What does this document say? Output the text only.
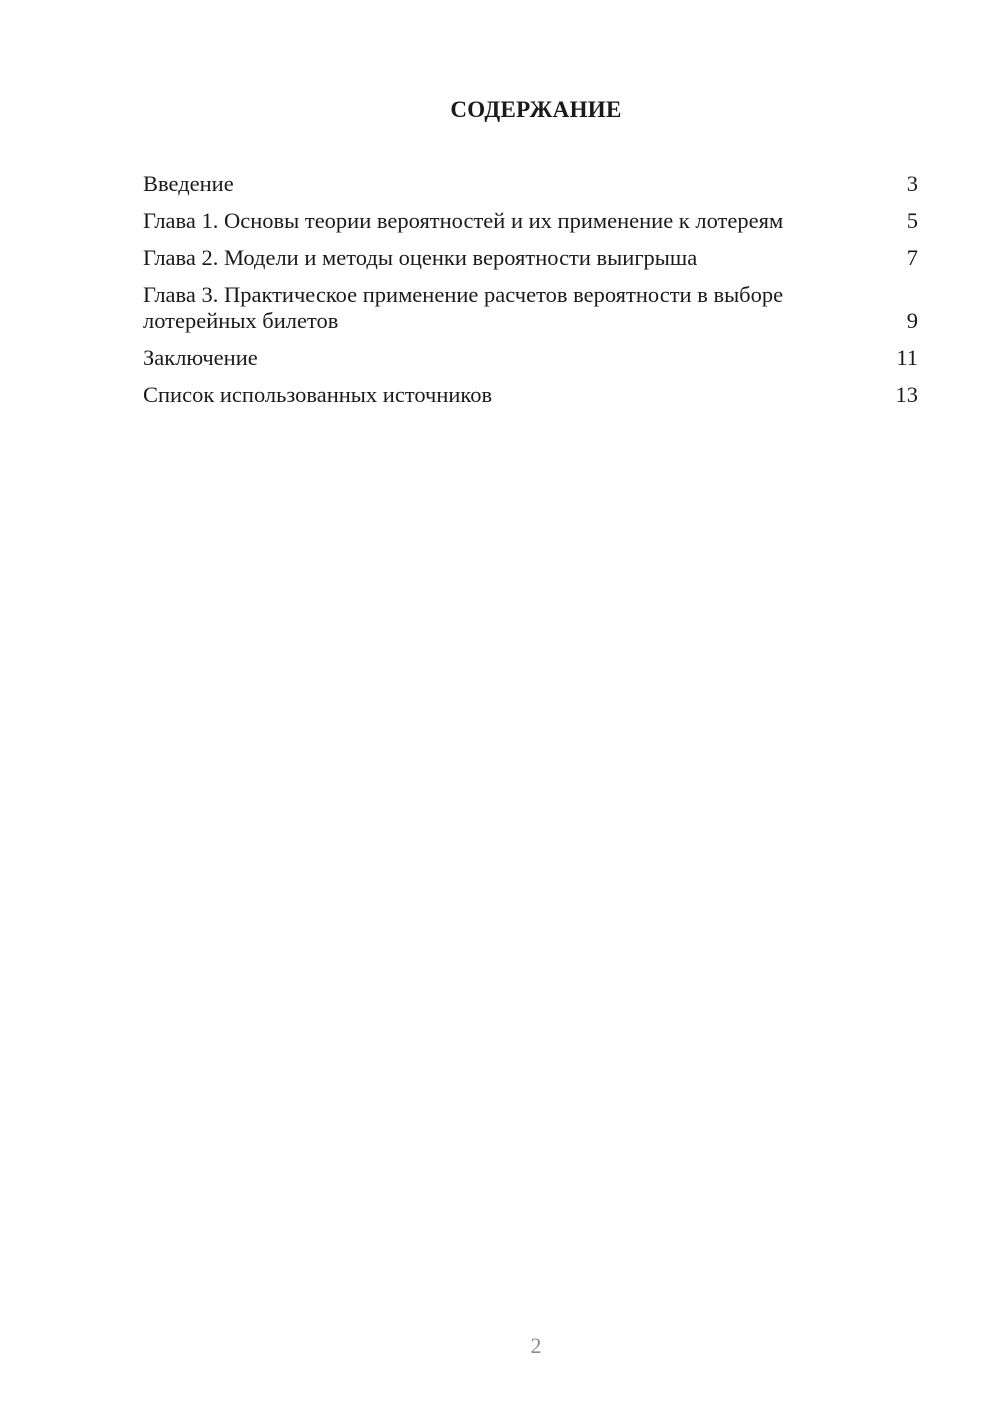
СОДЕРЖАНИЕ
Введение	3
Глава 1. Основы теории вероятностей и их применение к лотереям	5
Глава 2. Модели и методы оценки вероятности выигрыша	7
Глава 3. Практическое применение расчетов вероятности в выборе лотерейных билетов	9
Заключение	11
Список использованных источников	13
2
